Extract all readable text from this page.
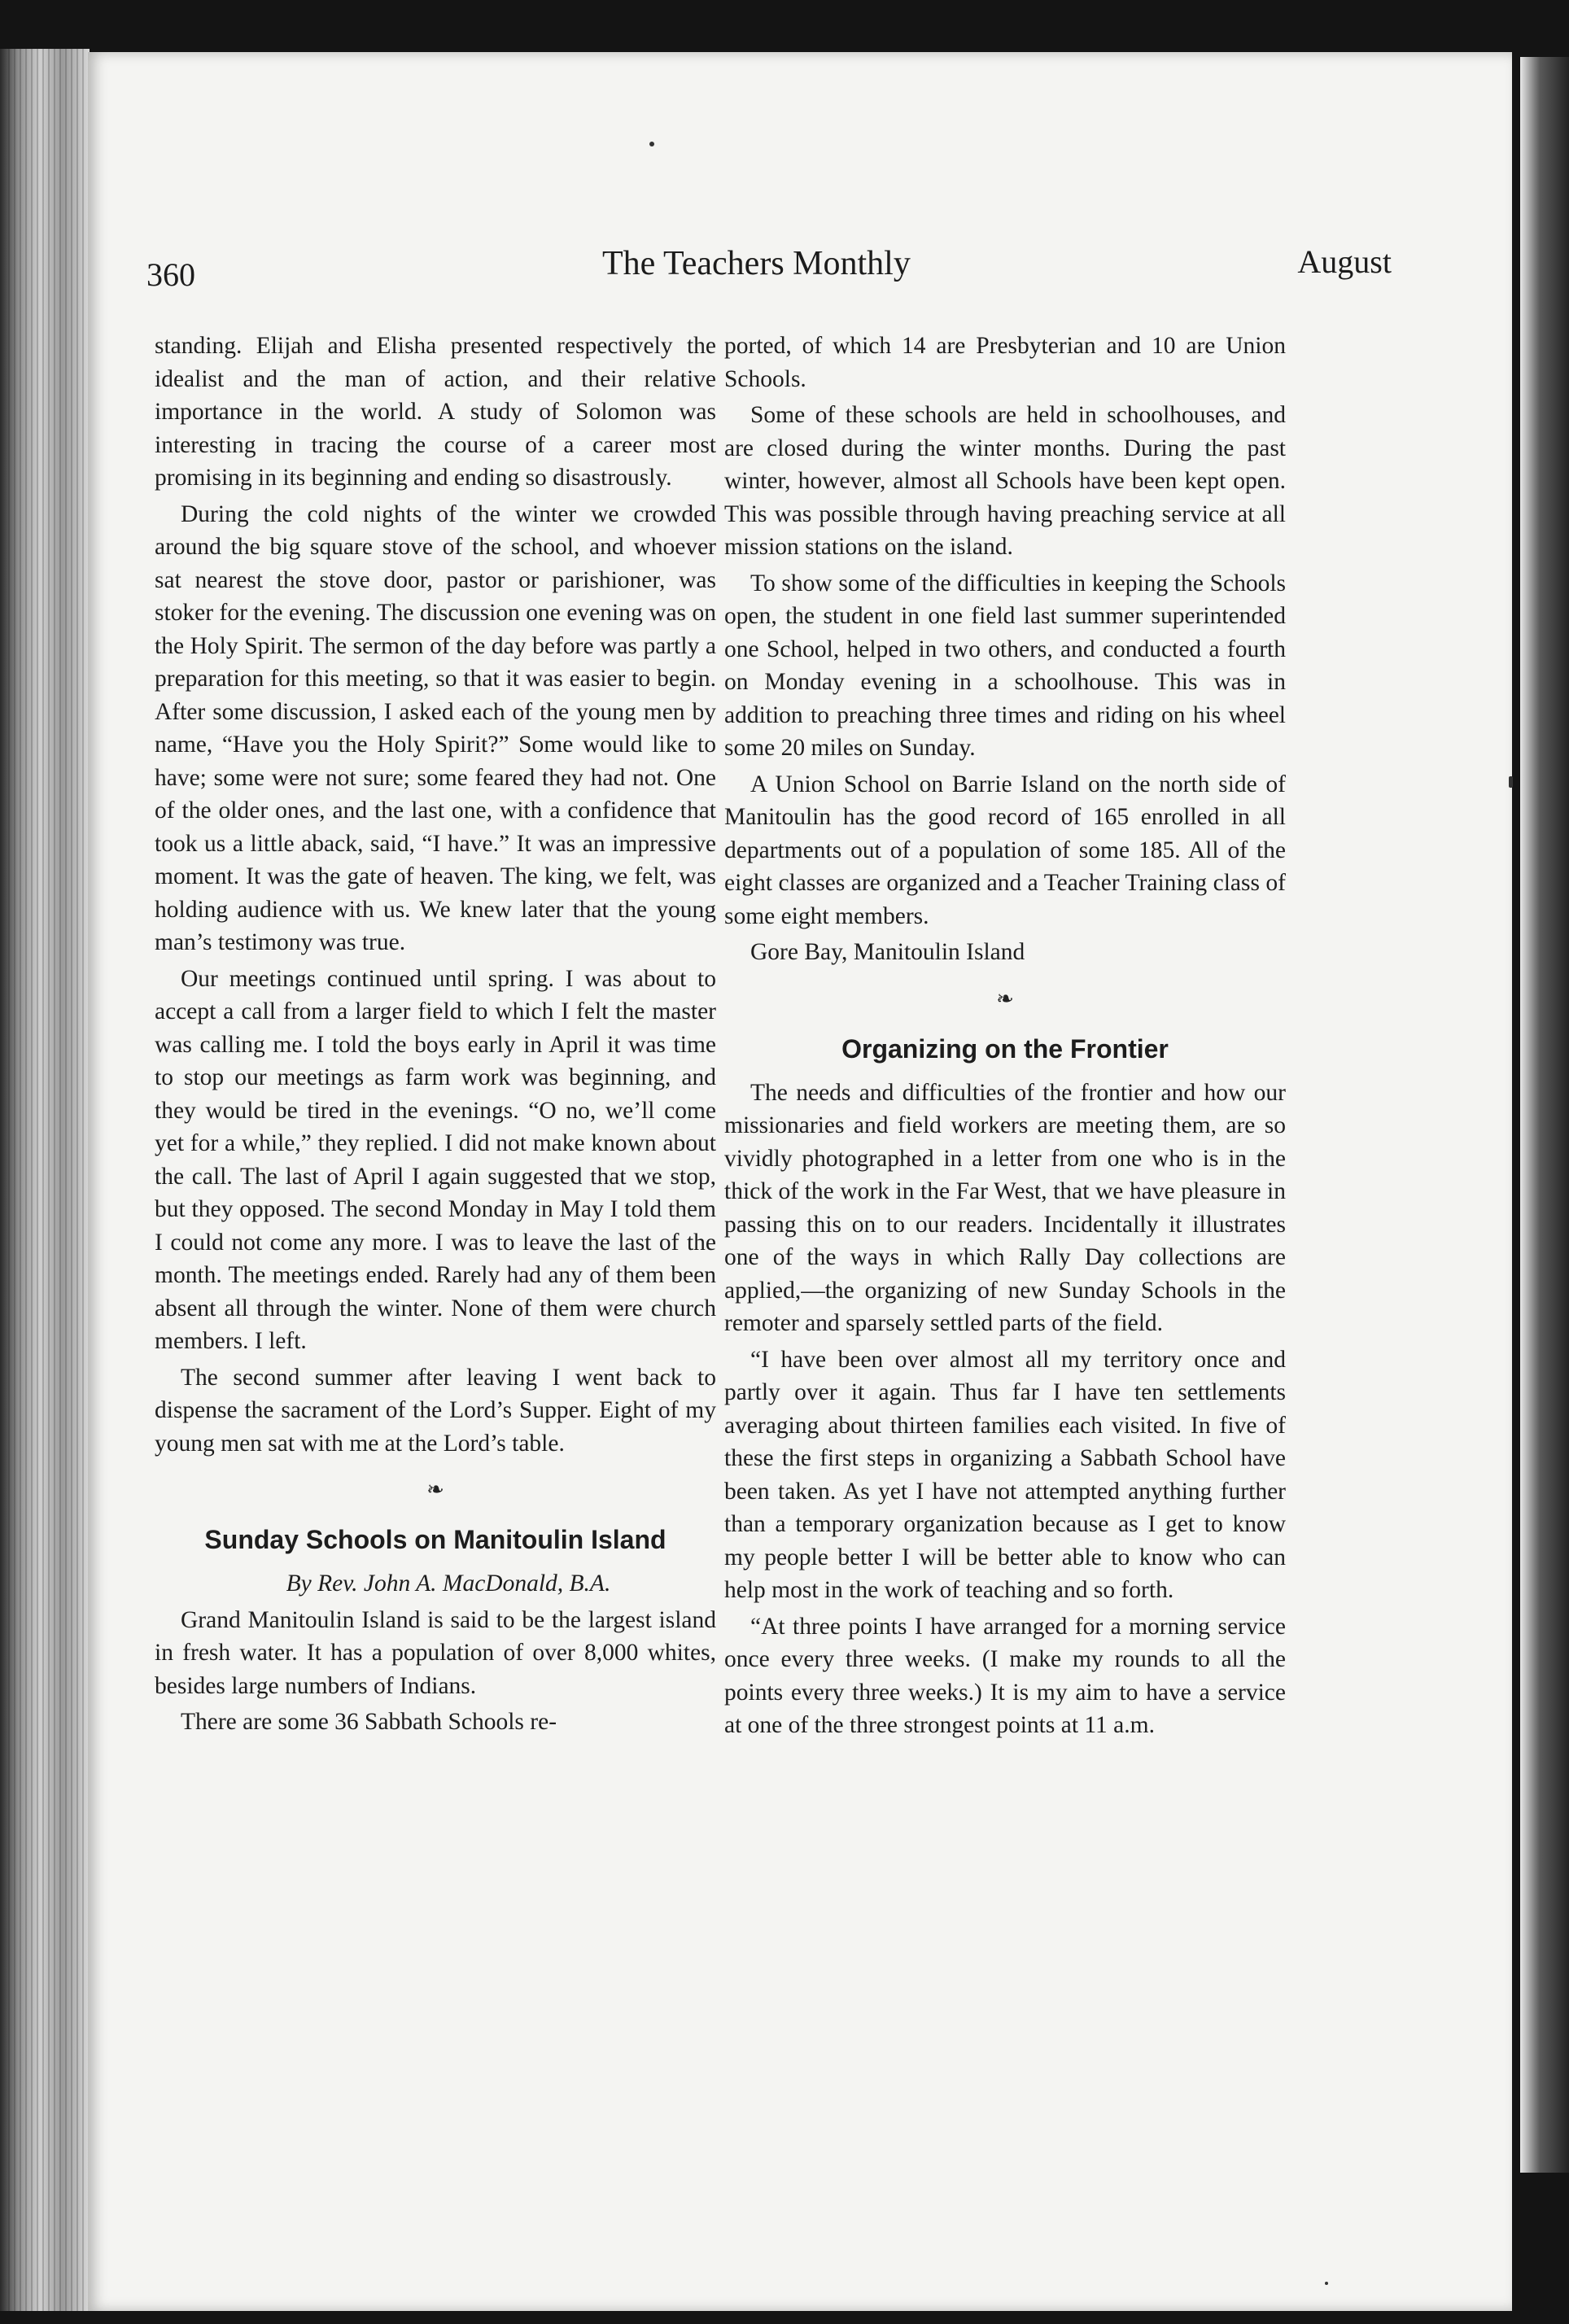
360	The Teachers Monthly	August

standing. Elijah and Elisha presented respectively the idealist and the man of action, and their relative importance in the world. A study of Solomon was interesting in tracing the course of a career most promising in its beginning and ending so disastrously.

During the cold nights of the winter we crowded around the big square stove of the school, and whoever sat nearest the stove door, pastor or parishioner, was stoker for the evening. The discussion one evening was on the Holy Spirit. The sermon of the day before was partly a preparation for this meeting, so that it was easier to begin. After some discussion, I asked each of the young men by name, “Have you the Holy Spirit?” Some would like to have; some were not sure; some feared they had not. One of the older ones, and the last one, with a confidence that took us a little aback, said, “I have.” It was an impressive moment. It was the gate of heaven. The king, we felt, was holding audience with us. We knew later that the young man’s testimony was true.

Our meetings continued until spring. I was about to accept a call from a larger field to which I felt the master was calling me. I told the boys early in April it was time to stop our meetings as farm work was beginning, and they would be tired in the evenings. “O no, we’ll come yet for a while,” they replied. I did not make known about the call. The last of April I again suggested that we stop, but they opposed. The second Monday in May I told them I could not come any more. I was to leave the last of the month. The meetings ended. Rarely had any of them been absent all through the winter. None of them were church members. I left.

The second summer after leaving I went back to dispense the sacrament of the Lord’s Supper. Eight of my young men sat with me at the Lord’s table.

❧
Sunday Schools on Manitoulin Island

By Rev. John A. MacDonald, B.A.

Grand Manitoulin Island is said to be the largest island in fresh water. It has a population of over 8,000 whites, besides large numbers of Indians.

There are some 36 Sabbath Schools re-

ported, of which 14 are Presbyterian and 10 are Union Schools.

Some of these schools are held in schoolhouses, and are closed during the winter months. During the past winter, however, almost all Schools have been kept open. This was possible through having preaching service at all mission stations on the island.

To show some of the difficulties in keeping the Schools open, the student in one field last summer superintended one School, helped in two others, and conducted a fourth on Monday evening in a schoolhouse. This was in addition to preaching three times and riding on his wheel some 20 miles on Sunday.

A Union School on Barrie Island on the north side of Manitoulin has the good record of 165 enrolled in all departments out of a population of some 185. All of the eight classes are organized and a Teacher Training class of some eight members.

Gore Bay, Manitoulin Island

❧
Organizing on the Frontier

The needs and difficulties of the frontier and how our missionaries and field workers are meeting them, are so vividly photographed in a letter from one who is in the thick of the work in the Far West, that we have pleasure in passing this on to our readers. Incidentally it illustrates one of the ways in which Rally Day collections are applied,—the organizing of new Sunday Schools in the remoter and sparsely settled parts of the field.

“I have been over almost all my territory once and partly over it again. Thus far I have ten settlements averaging about thirteen families each visited. In five of these the first steps in organizing a Sabbath School have been taken. As yet I have not attempted anything further than a temporary organization because as I get to know my people better I will be better able to know who can help most in the work of teaching and so forth.

“At three points I have arranged for a morning service once every three weeks. (I make my rounds to all the points every three weeks.) It is my aim to have a service at one of the three strongest points at 11 a.m.
